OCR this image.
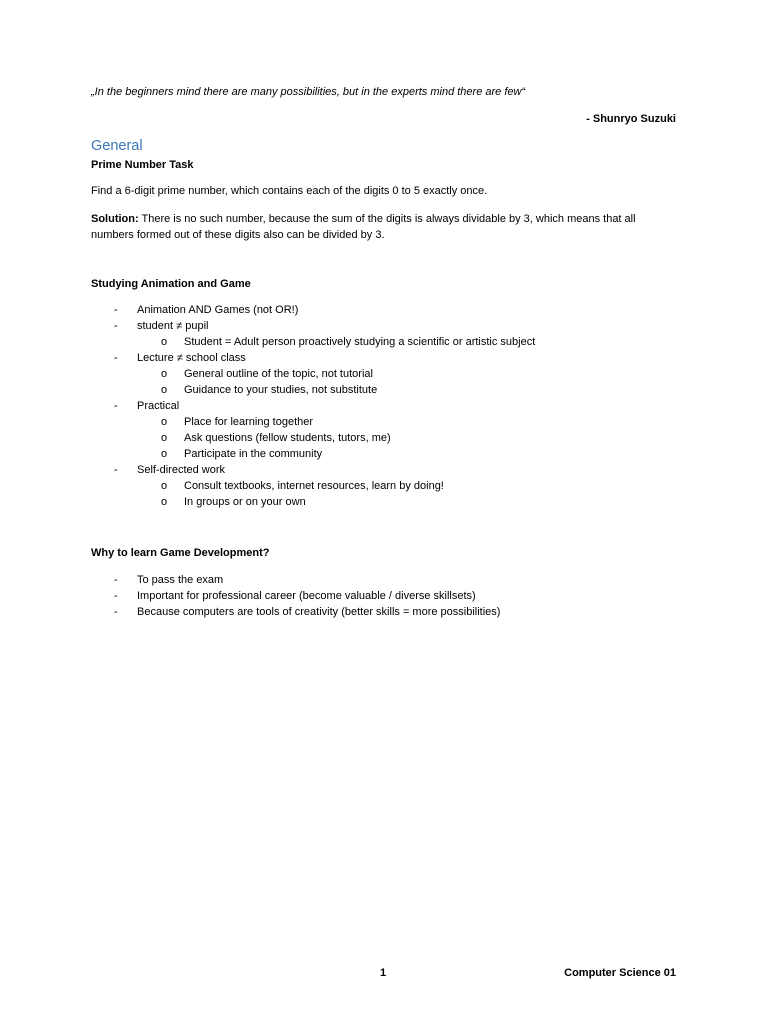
„In the beginners mind there are many possibilities, but in the experts mind there are few“
- Shunryo Suzuki
General
Prime Number Task
Find a 6-digit prime number, which contains each of the digits 0 to 5 exactly once.
Solution: There is no such number, because the sum of the digits is always dividable by 3, which means that all numbers formed out of these digits also can be divided by 3.
Studying Animation and Game
- Animation AND Games (not OR!)
- student ≠ pupil
o Student = Adult person proactively studying a scientific or artistic subject
- Lecture ≠ school class
o General outline of the topic, not tutorial
o Guidance to your studies, not substitute
- Practical
o Place for learning together
o Ask questions (fellow students, tutors, me)
o Participate in the community
- Self-directed work
o Consult textbooks, internet resources, learn by doing!
o In groups or on your own
Why to learn Game Development?
- To pass the exam
- Important for professional career (become valuable / diverse skillsets)
- Because computers are tools of creativity (better skills = more possibilities)
1	Computer Science 01
